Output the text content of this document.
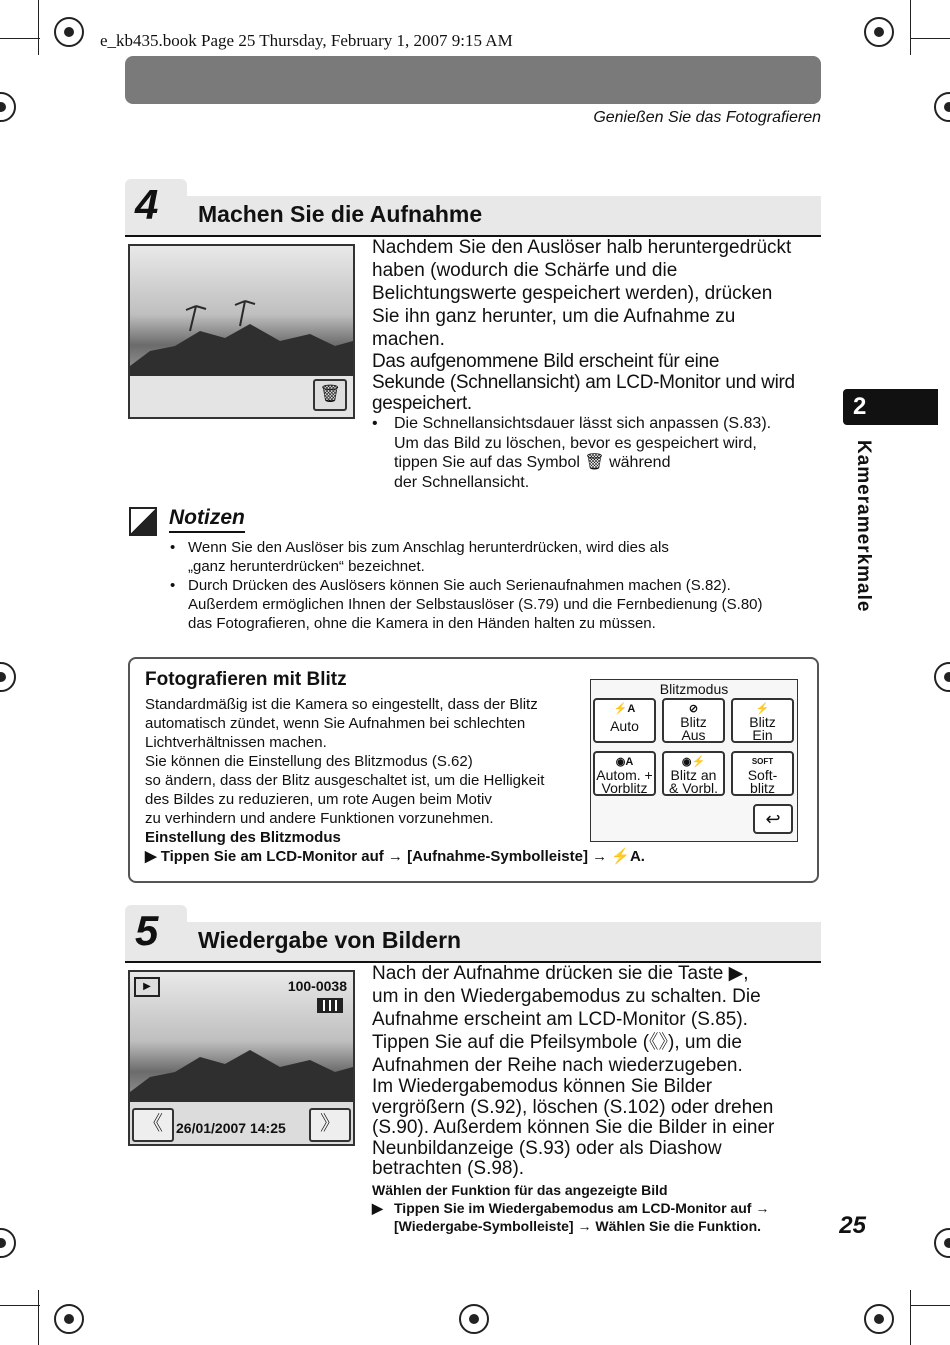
e_kb435.book Page 25 Thursday, February 1, 2007 9:15 AM
Genießen Sie das Fotografieren
2
Kameramerkmale
4 Machen Sie die Aufnahme
🗑
Nachdem Sie den Auslöser halb heruntergedrückt
haben (wodurch die Schärfe und die
Belichtungswerte gespeichert werden), drücken
Sie ihn ganz herunter, um die Aufnahme zu
machen.
Das aufgenommene Bild erscheint für eine
Sekunde (Schnellansicht) am LCD-Monitor und wird
gespeichert.
• Die Schnellansichtsdauer lässt sich anpassen (S.83).
Um das Bild zu löschen, bevor es gespeichert wird,
tippen Sie auf das Symbol 🗑 während
der Schnellansicht.
Notizen
• Wenn Sie den Auslöser bis zum Anschlag herunterdrücken, wird dies als
„ganz herunterdrücken“ bezeichnet.
• Durch Drücken des Auslösers können Sie auch Serienaufnahmen machen (S.82).
Außerdem ermöglichen Ihnen der Selbstauslöser (S.79) und die Fernbedienung (S.80)
das Fotografieren, ohne die Kamera in den Händen halten zu müssen.
Fotografieren mit Blitz
Standardmäßig ist die Kamera so eingestellt, dass der Blitz
automatisch zündet, wenn Sie Aufnahmen bei schlechten
Lichtverhältnissen machen.
Sie können die Einstellung des Blitzmodus (S.62)
so ändern, dass der Blitz ausgeschaltet ist, um die Helligkeit
des Bildes zu reduzieren, um rote Augen beim Motiv
zu verhindern und andere Funktionen vorzunehmen.
Einstellung des Blitzmodus
▶ Tippen Sie am LCD-Monitor auf → [Aufnahme-Symbolleiste] → ⚡A.
Blitzmodus
⚡A
Auto
⊘
Blitz
Aus
⚡
Blitz
Ein
◉A
Autom. +
Vorblitz
◉⚡
Blitz an
& Vorbl.
SOFT
Soft-
blitz
↩
5 Wiedergabe von Bildern
▶	100-0038
《	》
26/01/2007 14:25
Nach der Aufnahme drücken sie die Taste ▶,
um in den Wiedergabemodus zu schalten. Die
Aufnahme erscheint am LCD-Monitor (S.85).
Tippen Sie auf die Pfeilsymbole (《》), um die
Aufnahmen der Reihe nach wiederzugeben.
Im Wiedergabemodus können Sie Bilder
vergrößern (S.92), löschen (S.102) oder drehen
(S.90). Außerdem können Sie die Bilder in einer
Neunbildanzeige (S.93) oder als Diashow
betrachten (S.98).
Wählen der Funktion für das angezeigte Bild
▶ Tippen Sie im Wiedergabemodus am LCD-Monitor auf →
[Wiedergabe-Symbolleiste] → Wählen Sie die Funktion.	25
